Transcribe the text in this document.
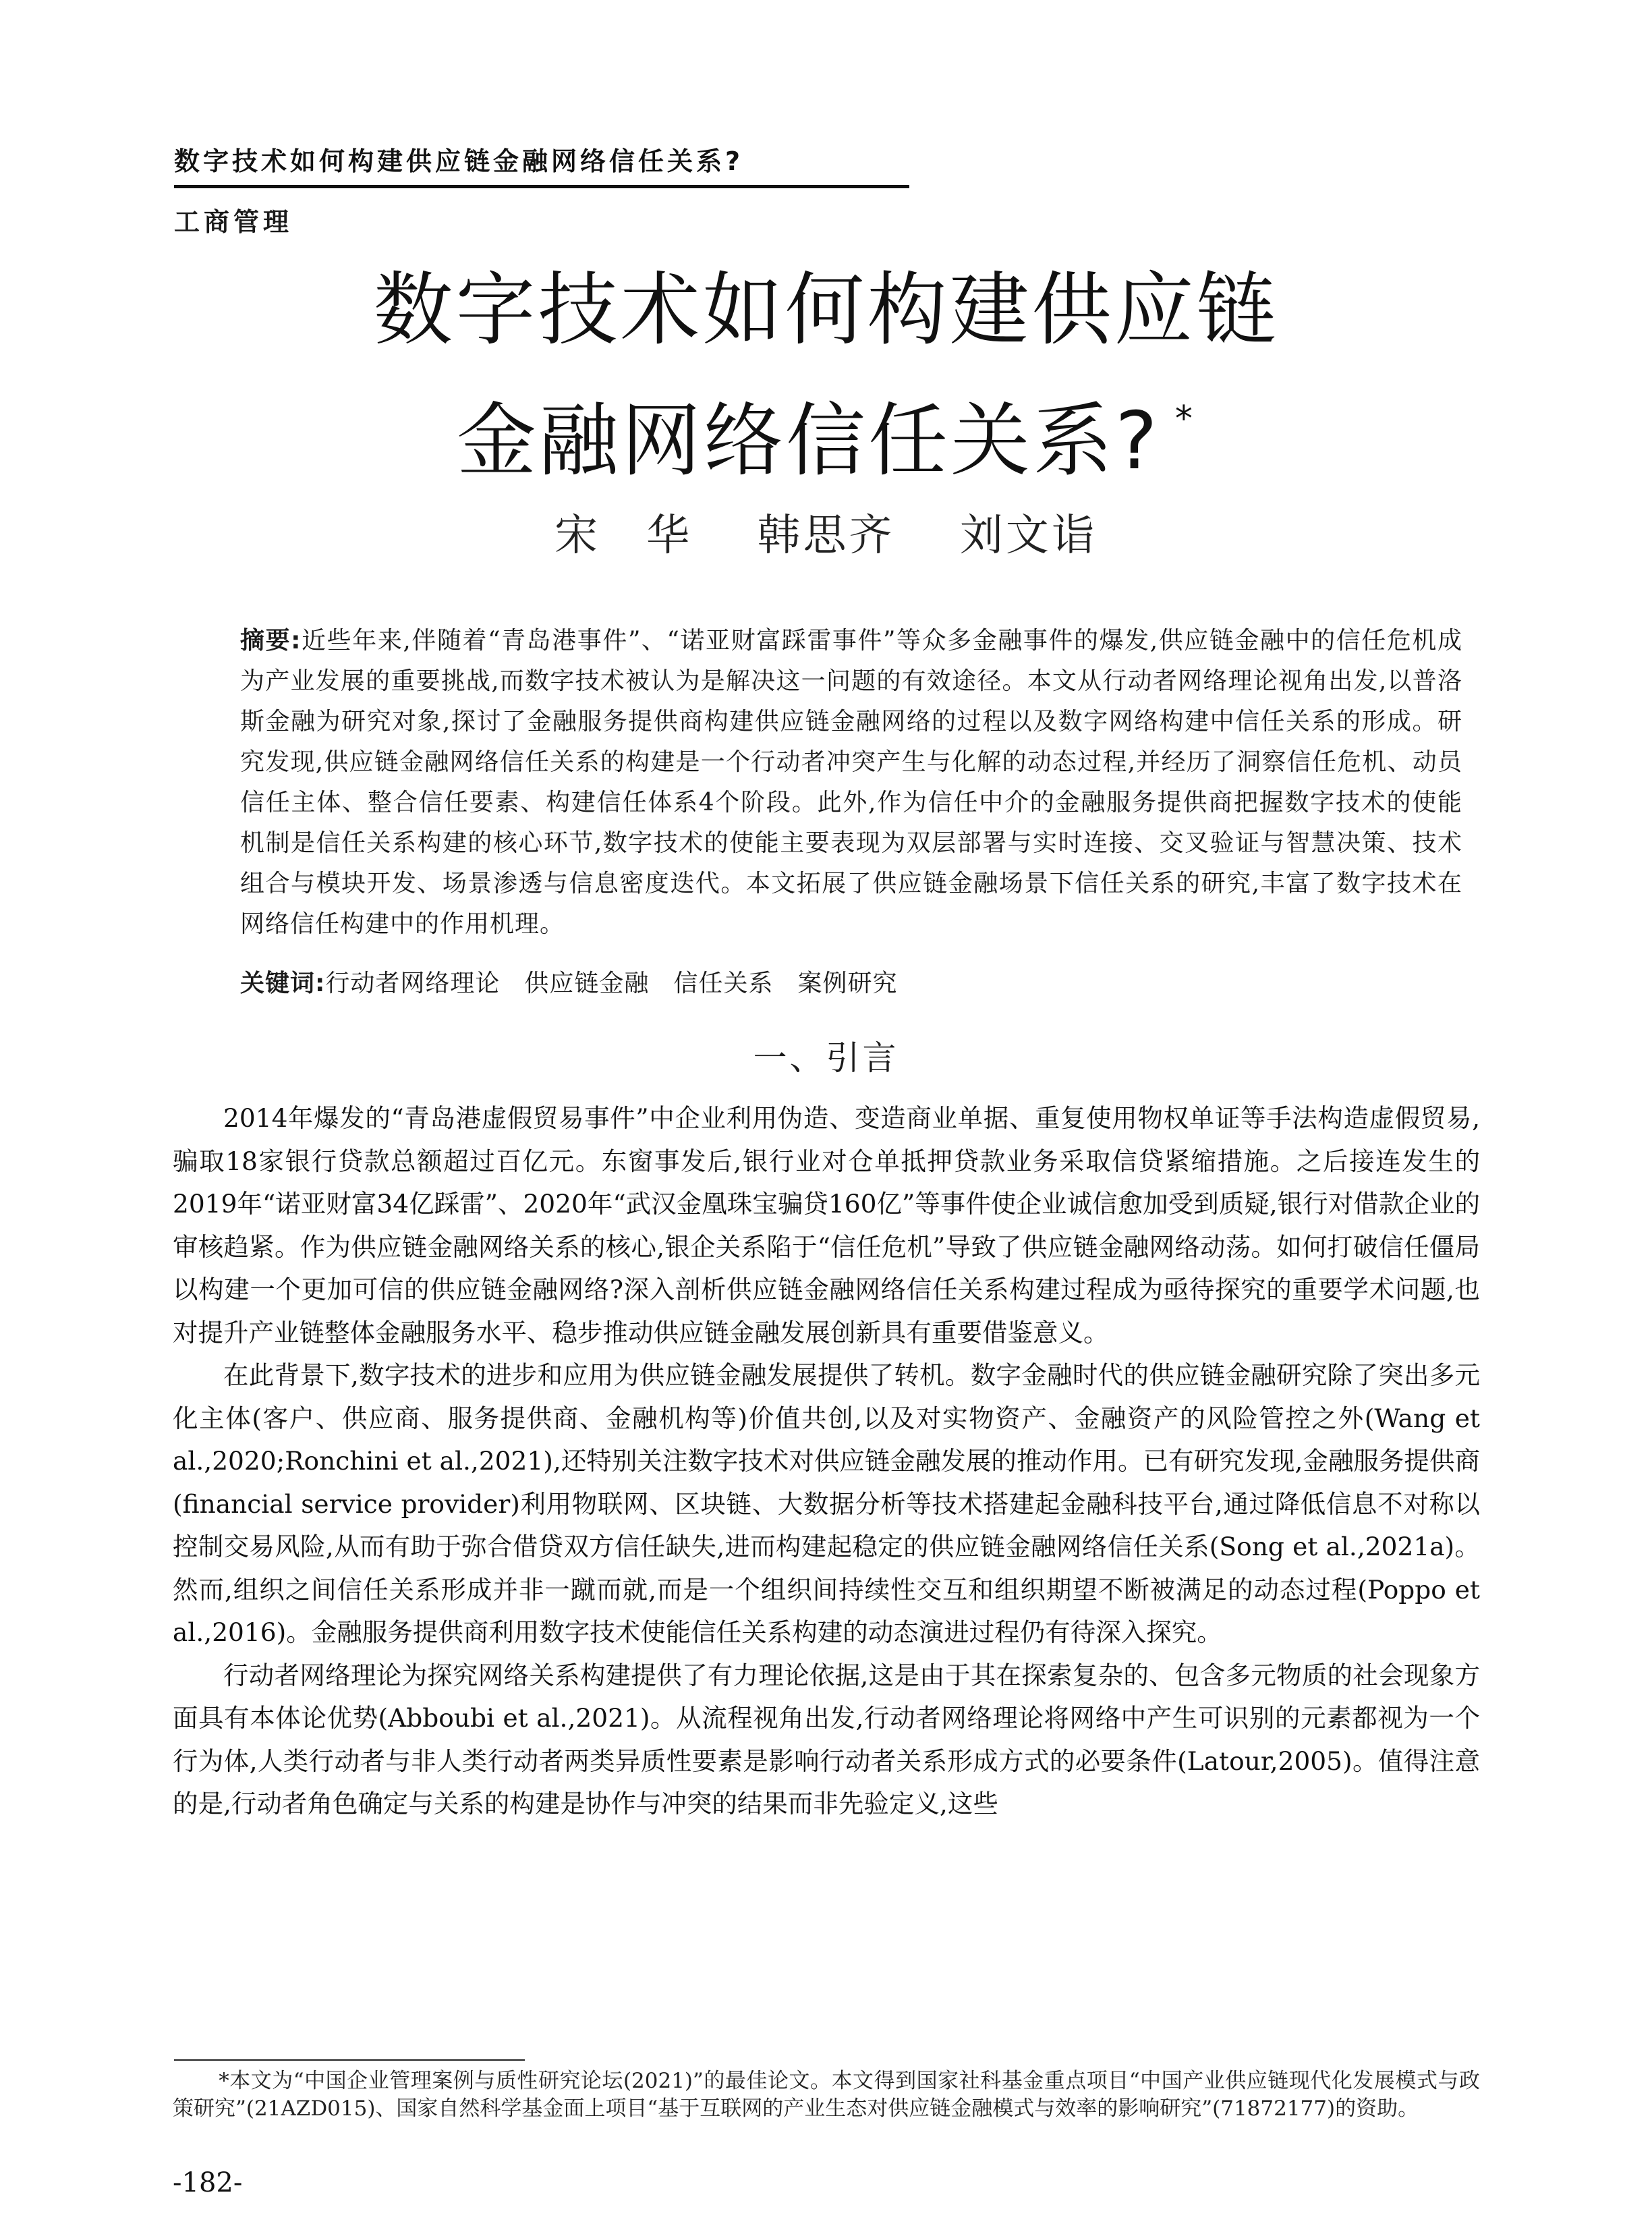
数字技术如何构建供应链金融网络信任关系?
工商管理
数字技术如何构建供应链
金融网络信任关系? *
宋　华 韩思齐 刘文诣
摘要:近些年来,伴随着“青岛港事件”、“诺亚财富踩雷事件”等众多金融事件的爆发,供应链金融中的信任危机成为产业发展的重要挑战,而数字技术被认为是解决这一问题的有效途径。本文从行动者网络理论视角出发,以普洛斯金融为研究对象,探讨了金融服务提供商构建供应链金融网络的过程以及数字网络构建中信任关系的形成。研究发现,供应链金融网络信任关系的构建是一个行动者冲突产生与化解的动态过程,并经历了洞察信任危机、动员信任主体、整合信任要素、构建信任体系4个阶段。此外,作为信任中介的金融服务提供商把握数字技术的使能机制是信任关系构建的核心环节,数字技术的使能主要表现为双层部署与实时连接、交叉验证与智慧决策、技术组合与模块开发、场景渗透与信息密度迭代。本文拓展了供应链金融场景下信任关系的研究,丰富了数字技术在网络信任构建中的作用机理。
关键词:行动者网络理论 供应链金融 信任关系 案例研究
一、引言

2014年爆发的“青岛港虚假贸易事件”中企业利用伪造、变造商业单据、重复使用物权单证等手法构造虚假贸易,骗取18家银行贷款总额超过百亿元。东窗事发后,银行业对仓单抵押贷款业务采取信贷紧缩措施。之后接连发生的2019年“诺亚财富34亿踩雷”、2020年“武汉金凰珠宝骗贷160亿”等事件使企业诚信愈加受到质疑,银行对借款企业的审核趋紧。作为供应链金融网络关系的核心,银企关系陷于“信任危机”导致了供应链金融网络动荡。如何打破信任僵局以构建一个更加可信的供应链金融网络?深入剖析供应链金融网络信任关系构建过程成为亟待探究的重要学术问题,也对提升产业链整体金融服务水平、稳步推动供应链金融发展创新具有重要借鉴意义。

在此背景下,数字技术的进步和应用为供应链金融发展提供了转机。数字金融时代的供应链金融研究除了突出多元化主体(客户、供应商、服务提供商、金融机构等)价值共创,以及对实物资产、金融资产的风险管控之外(Wang et al.,2020;Ronchini et al.,2021),还特别关注数字技术对供应链金融发展的推动作用。已有研究发现,金融服务提供商(financial service provider)利用物联网、区块链、大数据分析等技术搭建起金融科技平台,通过降低信息不对称以控制交易风险,从而有助于弥合借贷双方信任缺失,进而构建起稳定的供应链金融网络信任关系(Song et al.,2021a)。然而,组织之间信任关系形成并非一蹴而就,而是一个组织间持续性交互和组织期望不断被满足的动态过程(Poppo et al.,2016)。金融服务提供商利用数字技术使能信任关系构建的动态演进过程仍有待深入探究。

行动者网络理论为探究网络关系构建提供了有力理论依据,这是由于其在探索复杂的、包含多元物质的社会现象方面具有本体论优势(Abboubi et al.,2021)。从流程视角出发,行动者网络理论将网络中产生可识别的元素都视为一个行为体,人类行动者与非人类行动者两类异质性要素是影响行动者关系形成方式的必要条件(Latour,2005)。值得注意的是,行动者角色确定与关系的构建是协作与冲突的结果而非先验定义,这些

*本文为“中国企业管理案例与质性研究论坛(2021)”的最佳论文。本文得到国家社科基金重点项目“中国产业供应链现代化发展模式与政策研究”(21AZD015)、国家自然科学基金面上项目“基于互联网的产业生态对供应链金融模式与效率的影响研究”(71872177)的资助。
-182-
